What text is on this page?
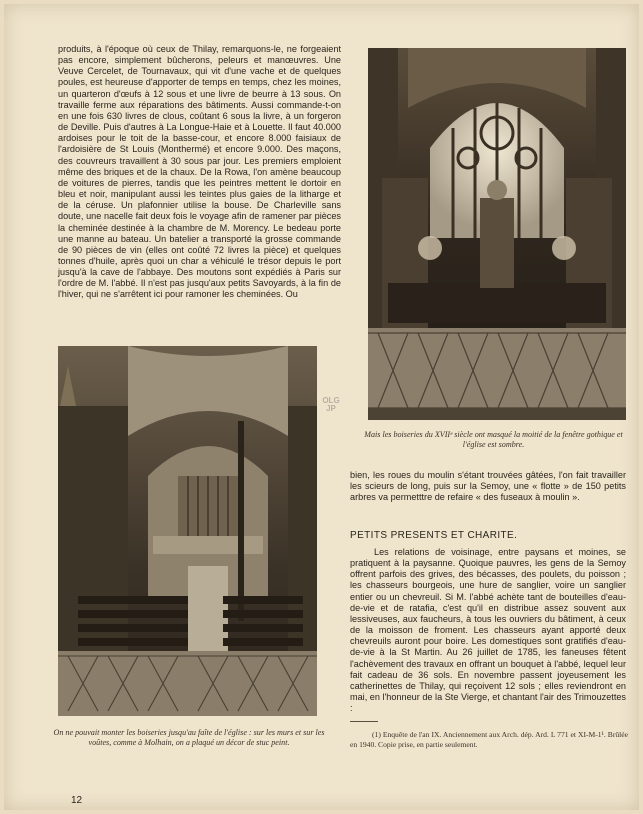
produits, à l'époque où ceux de Thilay, remarquons-le, ne forgeaient pas encore, simplement bûcherons, peleurs et manœuvres. Une Veuve Cercelet, de Tournavaux, qui vit d'une vache et de quelques poules, est heureuse d'apporter de temps en temps, chez les moines, un quarteron d'œufs à 12 sous et une livre de beurre à 13 sous. On travaille ferme aux réparations des bâtiments. Aussi commande-t-on en une fois 630 livres de clous, coûtant 6 sous la livre, à un forgeron de Deville. Puis d'autres à La Longue-Haie et à Louette. Il faut 40.000 ardoises pour le toit de la basse-cour, et encore 8.000 faisiaux de l'ardoisière de St Louis (Monthermé) et encore 9.000. Des maçons, des couvreurs travaillent à 30 sous par jour. Les premiers emploient même des briques et de la chaux. De la Rowa, l'on amène beaucoup de voitures de pierres, tandis que les peintres mettent le dortoir en bleu et noir, manipulant aussi les teintes plus gaies de la litharge et de la céruse. Un plafonnier utilise la bouse. De Charleville sans doute, une nacelle fait deux fois le voyage afin de ramener par pièces la cheminée destinée à la chambre de M. Morency. Le bedeau porte une manne au bateau. Un batelier a transporté la grosse commande de 90 pièces de vin (elles ont coûté 72 livres la pièce) et quelques tonnes d'huile, après quoi un char a véhiculé le trésor depuis le port jusqu'à la cave de l'abbaye. Des moutons sont expédiés à Paris sur l'ordre de M. l'abbé. Il n'est pas jusqu'aux petits Savoyards, à la fin de l'hiver, qui ne s'arrêtent ici pour ramoner les cheminées. Ou

Mais les boiseries du XVIIᵉ siècle ont masqué la moitié de la fenêtre gothique et l'église est sombre.
On ne pouvait monter les boiseries jusqu'au faîte de l'église : sur les murs et sur les voûtes, comme à Molhain, on a plaqué un décor de stuc peint.
OLG
JP

bien, les roues du moulin s'étant trouvées gâtées, l'on fait travailler les scieurs de long, puis sur la Semoy, une « flotte » de 150 petits arbres va permetttre de refaire « des fuseaux à moulin ».

PETITS PRESENTS ET CHARITE.

Les relations de voisinage, entre paysans et moines, se pratiquent à la paysanne. Quoique pauvres, les gens de la Semoy offrent parfois des grives, des bécasses, des poulets, du poisson ; les chasseurs bourgeois, une hure de sanglier, voire un sanglier entier ou un chevreuil. Si M. l'abbé achète tant de bouteilles d'eau-de-vie et de ratafia, c'est qu'il en distribue assez souvent aux lessiveuses, aux faucheurs, à tous les ouvriers du bâtiment, à ceux de la moisson de froment. Les chasseurs ayant apporté deux chevreuils auront pour boire. Les domestiques sont gratifiés d'eau-de-vie à la St Martin. Au 26 juillet de 1785, les faneuses fêtent l'achèvement des travaux en offrant un bouquet à l'abbé, lequel leur fait cadeau de 36 sols. En novembre passent joyeusement les catherinettes de Thilay, qui reçoivent 12 sols ; elles reviendront en mai, en l'honneur de la Ste Vierge, et chantant l'air des Trimouzettes :

(1) Enquête de l'an IX. Anciennement aux Arch. dép. Ard. L 771 et XI-M-1¹. Brûlée en 1940. Copie prise, en partie seulement.
12
